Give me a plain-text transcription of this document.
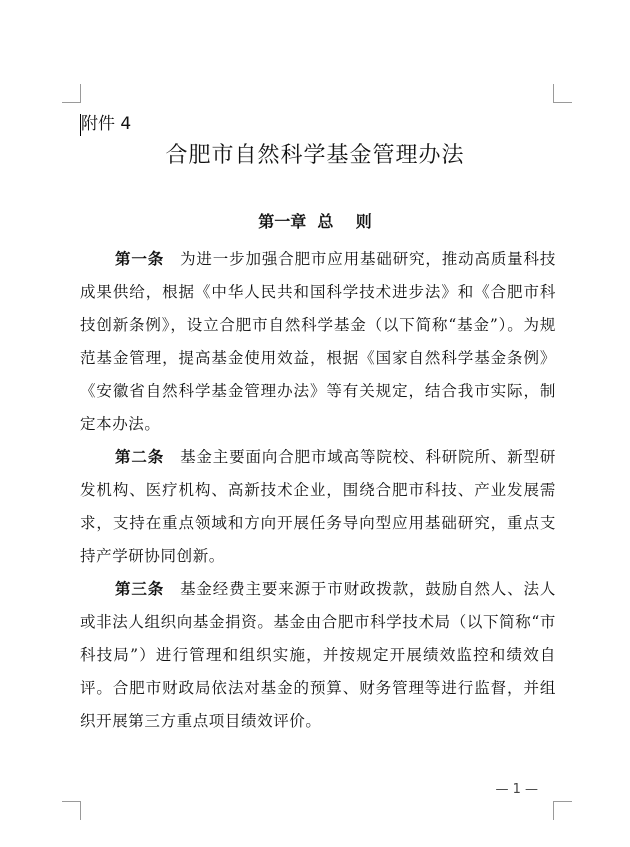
附件 4
合肥市自然科学基金管理办法
第一章  总    则

第一条 为进一步加强合肥市应用基础研究，推动高质量科技成果供给，根据《中华人民共和国科学技术进步法》和《合肥市科技创新条例》，设立合肥市自然科学基金（以下简称“基金”）。为规范基金管理，提高基金使用效益，根据《国家自然科学基金条例》《安徽省自然科学基金管理办法》等有关规定，结合我市实际，制定本办法。

第二条 基金主要面向合肥市域高等院校、科研院所、新型研发机构、医疗机构、高新技术企业，围绕合肥市科技、产业发展需求，支持在重点领域和方向开展任务导向型应用基础研究，重点支持产学研协同创新。

第三条 基金经费主要来源于市财政拨款，鼓励自然人、法人或非法人组织向基金捐资。基金由合肥市科学技术局（以下简称“市科技局”）进行管理和组织实施，并按规定开展绩效监控和绩效自评。合肥市财政局依法对基金的预算、财务管理等进行监督，并组织开展第三方重点项目绩效评价。

— 1 —
